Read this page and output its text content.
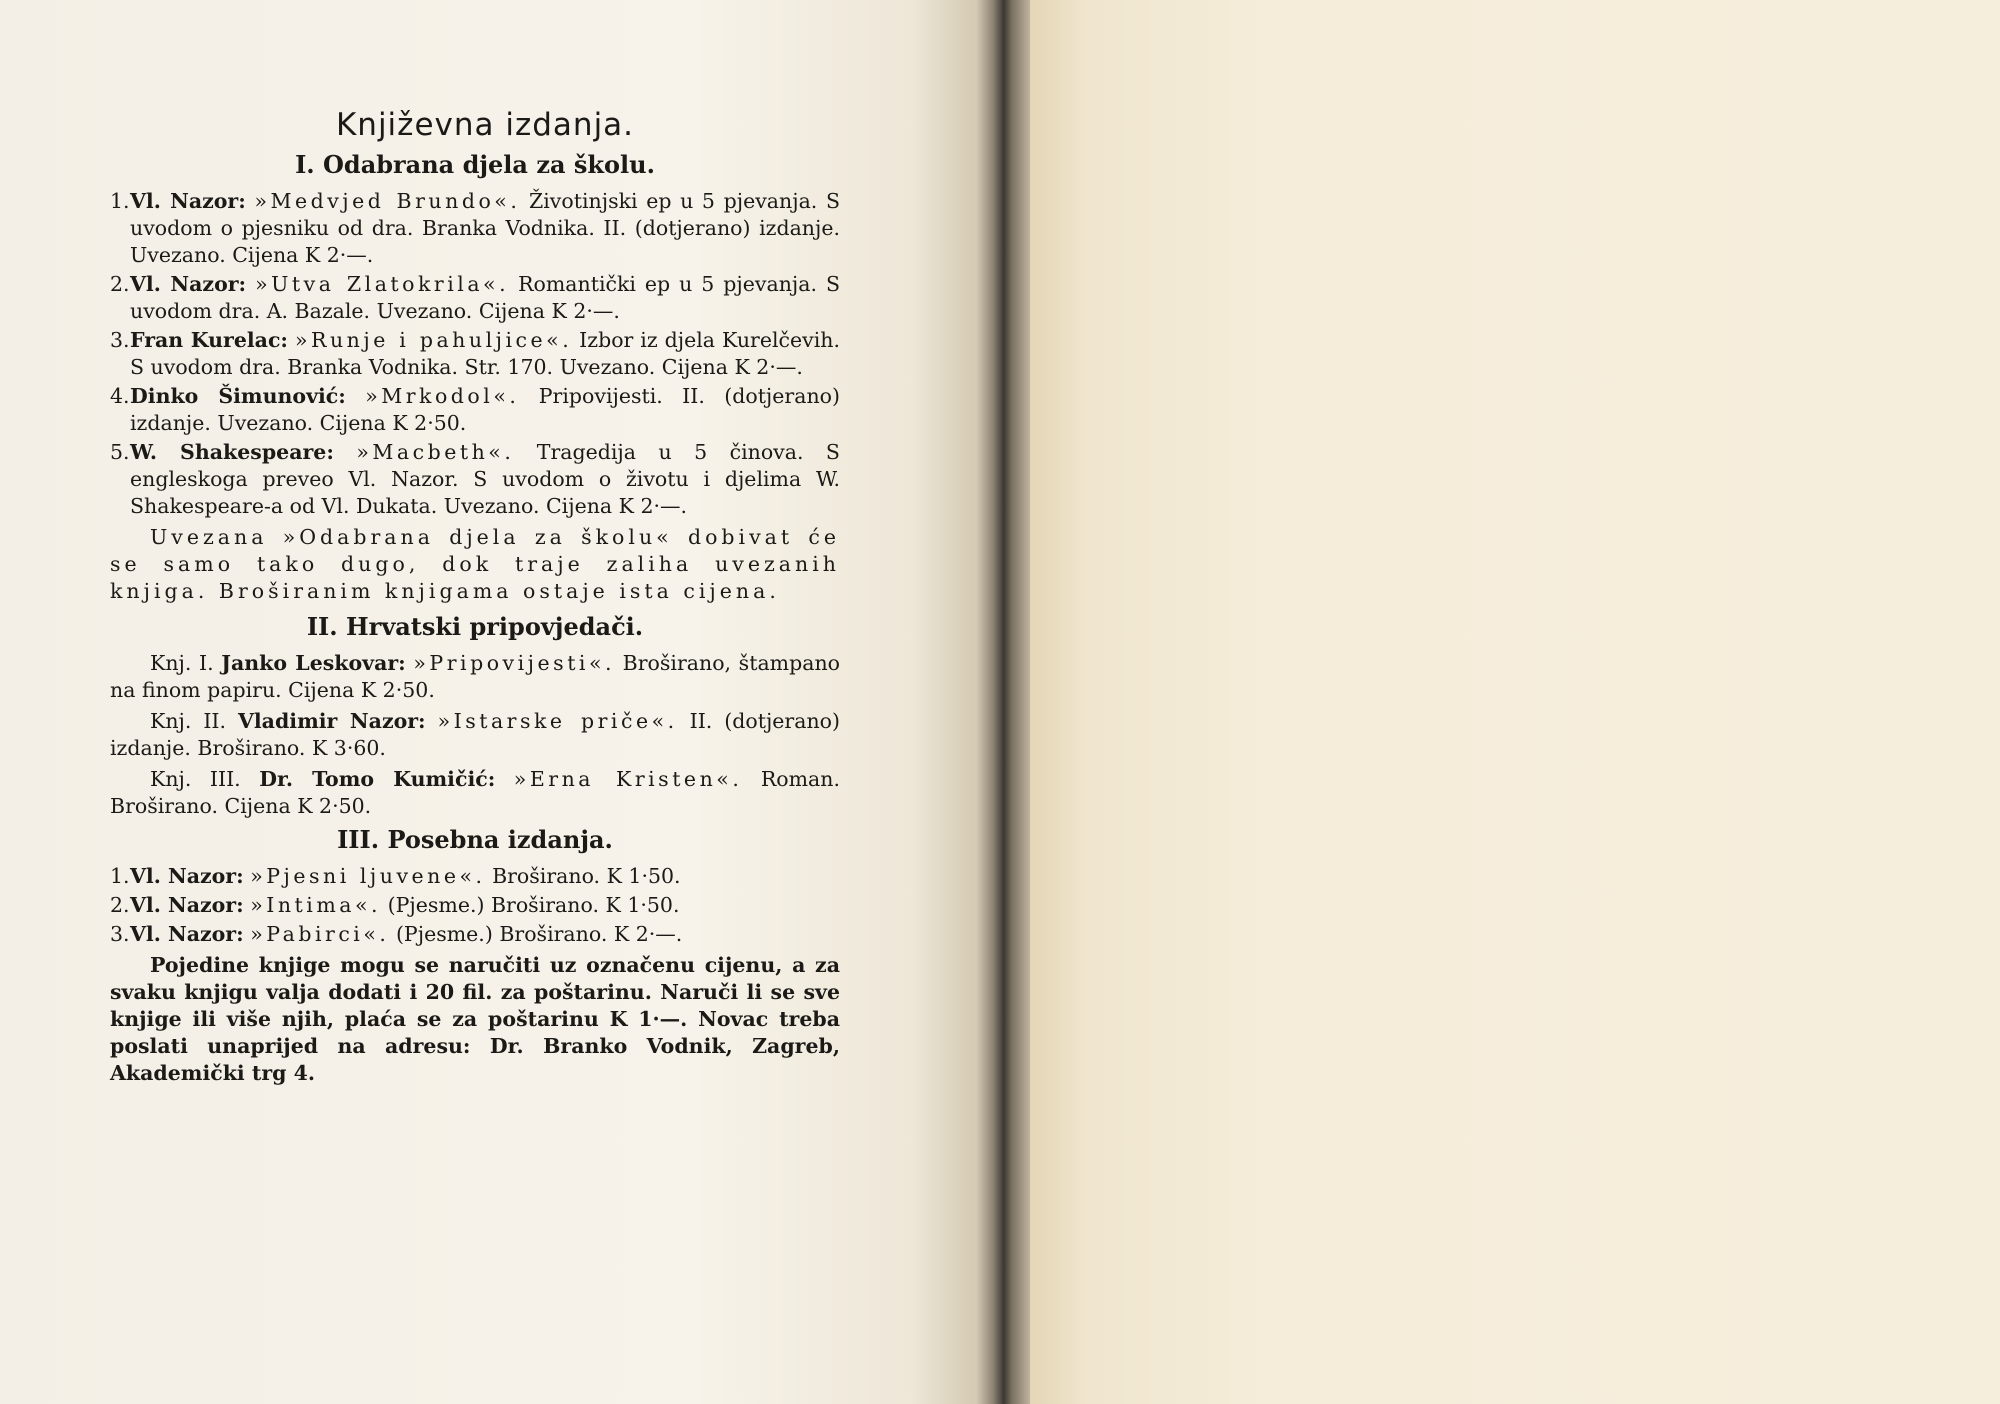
Književna izdanja.
I. Odabrana djela za školu.

1.Vl. Nazor: »Medvjed Brundo«. Životinjski ep u 5 pjevanja. S uvodom o pjesniku od dra. Branka Vodnika. II. (dotjerano) izdanje. Uvezano. Cijena K 2·—.

2.Vl. Nazor: »Utva Zlatokrila«. Romantički ep u 5 pjevanja. S uvodom dra. A. Bazale. Uvezano. Cijena K 2·—.

3.Fran Kurelac: »Runje i pahuljice«. Izbor iz djela Kurelčevih. S uvodom dra. Branka Vodnika. Str. 170. Uvezano. Cijena K 2·—.

4.Dinko Šimunović: »Mrkodol«. Pripovijesti. II. (dotjerano) izdanje. Uvezano. Cijena K 2·50.

5.W. Shakespeare: »Macbeth«. Tragedija u 5 činova. S engleskoga preveo Vl. Nazor. S uvodom o životu i djelima W. Shakespeare-a od Vl. Dukata. Uvezano. Cijena K 2·—.

Uvezana »Odabrana djela za školu« dobivat će se samo tako dugo, dok traje zaliha uvezanih knjiga. Broširanim knjigama ostaje ista cijena.

II. Hrvatski pripovjedači.

Knj. I. Janko Leskovar: »Pripovijesti«. Broširano, štampano na finom papiru. Cijena K 2·50.

Knj. II. Vladimir Nazor: »Istarske priče«. II. (dotjerano) izdanje. Broširano. K 3·60.

Knj. III. Dr. Tomo Kumičić: »Erna Kristen«. Roman. Broširano. Cijena K 2·50.

III. Posebna izdanja.

1.Vl. Nazor: »Pjesni ljuvene«. Broširano. K 1·50.

2.Vl. Nazor: »Intima«. (Pjesme.) Broširano. K 1·50.

3.Vl. Nazor: »Pabirci«. (Pjesme.) Broširano. K 2·—.

Pojedine knjige mogu se naručiti uz označenu cijenu, a za svaku knjigu valja dodati i 20 fil. za poštarinu. Naruči li se sve knjige ili više njih, plaća se za poštarinu K 1·—. Novac treba poslati unaprijed na adresu: Dr. Branko Vodnik, Zagreb, Akademički trg 4.
